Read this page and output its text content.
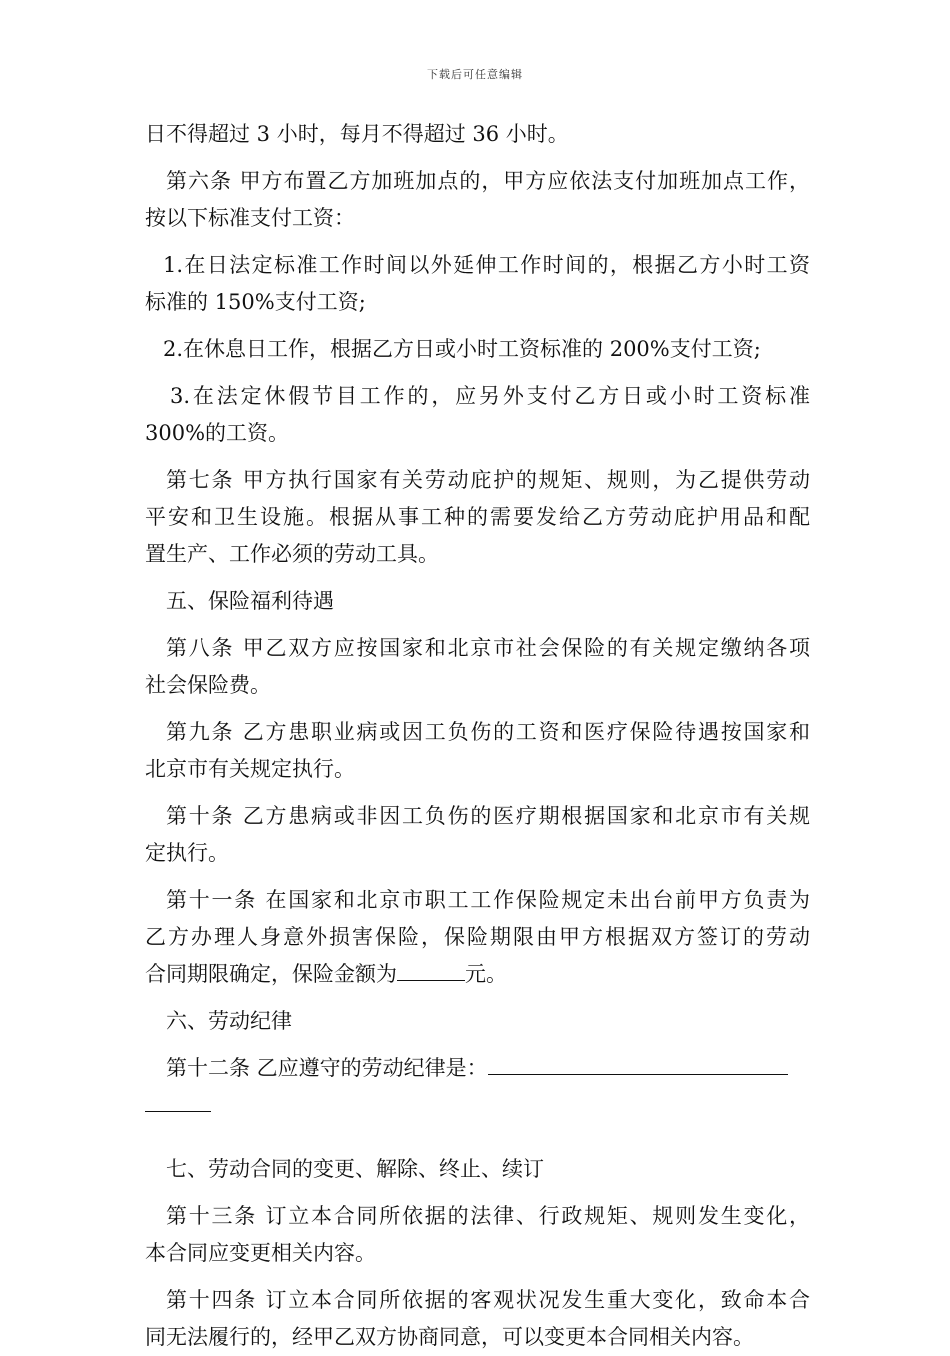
下载后可任意编辑
日不得超过 3 小时，每月不得超过 36 小时。
第六条 甲方布置乙方加班加点的，甲方应依法支付加班加点工作，
按以下标准支付工资：
1.在日法定标准工作时间以外延伸工作时间的，根据乙方小时工资
标准的 150%支付工资;
2.在休息日工作，根据乙方日或小时工资标准的 200%支付工资;
3.在法定休假节目工作的，应另外支付乙方日或小时工资标准
300%的工资。
第七条 甲方执行国家有关劳动庇护的规矩、规则，为乙提供劳动
平安和卫生设施。根据从事工种的需要发给乙方劳动庇护用品和配
置生产、工作必须的劳动工具。
五、保险福利待遇
第八条 甲乙双方应按国家和北京市社会保险的有关规定缴纳各项
社会保险费。
第九条 乙方患职业病或因工负伤的工资和医疗保险待遇按国家和
北京市有关规定执行。
第十条 乙方患病或非因工负伤的医疗期根据国家和北京市有关规
定执行。
第十一条 在国家和北京市职工工作保险规定未出台前甲方负责为
乙方办理人身意外损害保险，保险期限由甲方根据双方签订的劳动
合同期限确定，保险金额为	元。
六、劳动纪律
第十二条 乙应遵守的劳动纪律是：
七、劳动合同的变更、解除、终止、续订
第十三条 订立本合同所依据的法律、行政规矩、规则发生变化，
本合同应变更相关内容。
第十四条 订立本合同所依据的客观状况发生重大变化，致命本合
同无法履行的，经甲乙双方协商同意，可以变更本合同相关内容。
